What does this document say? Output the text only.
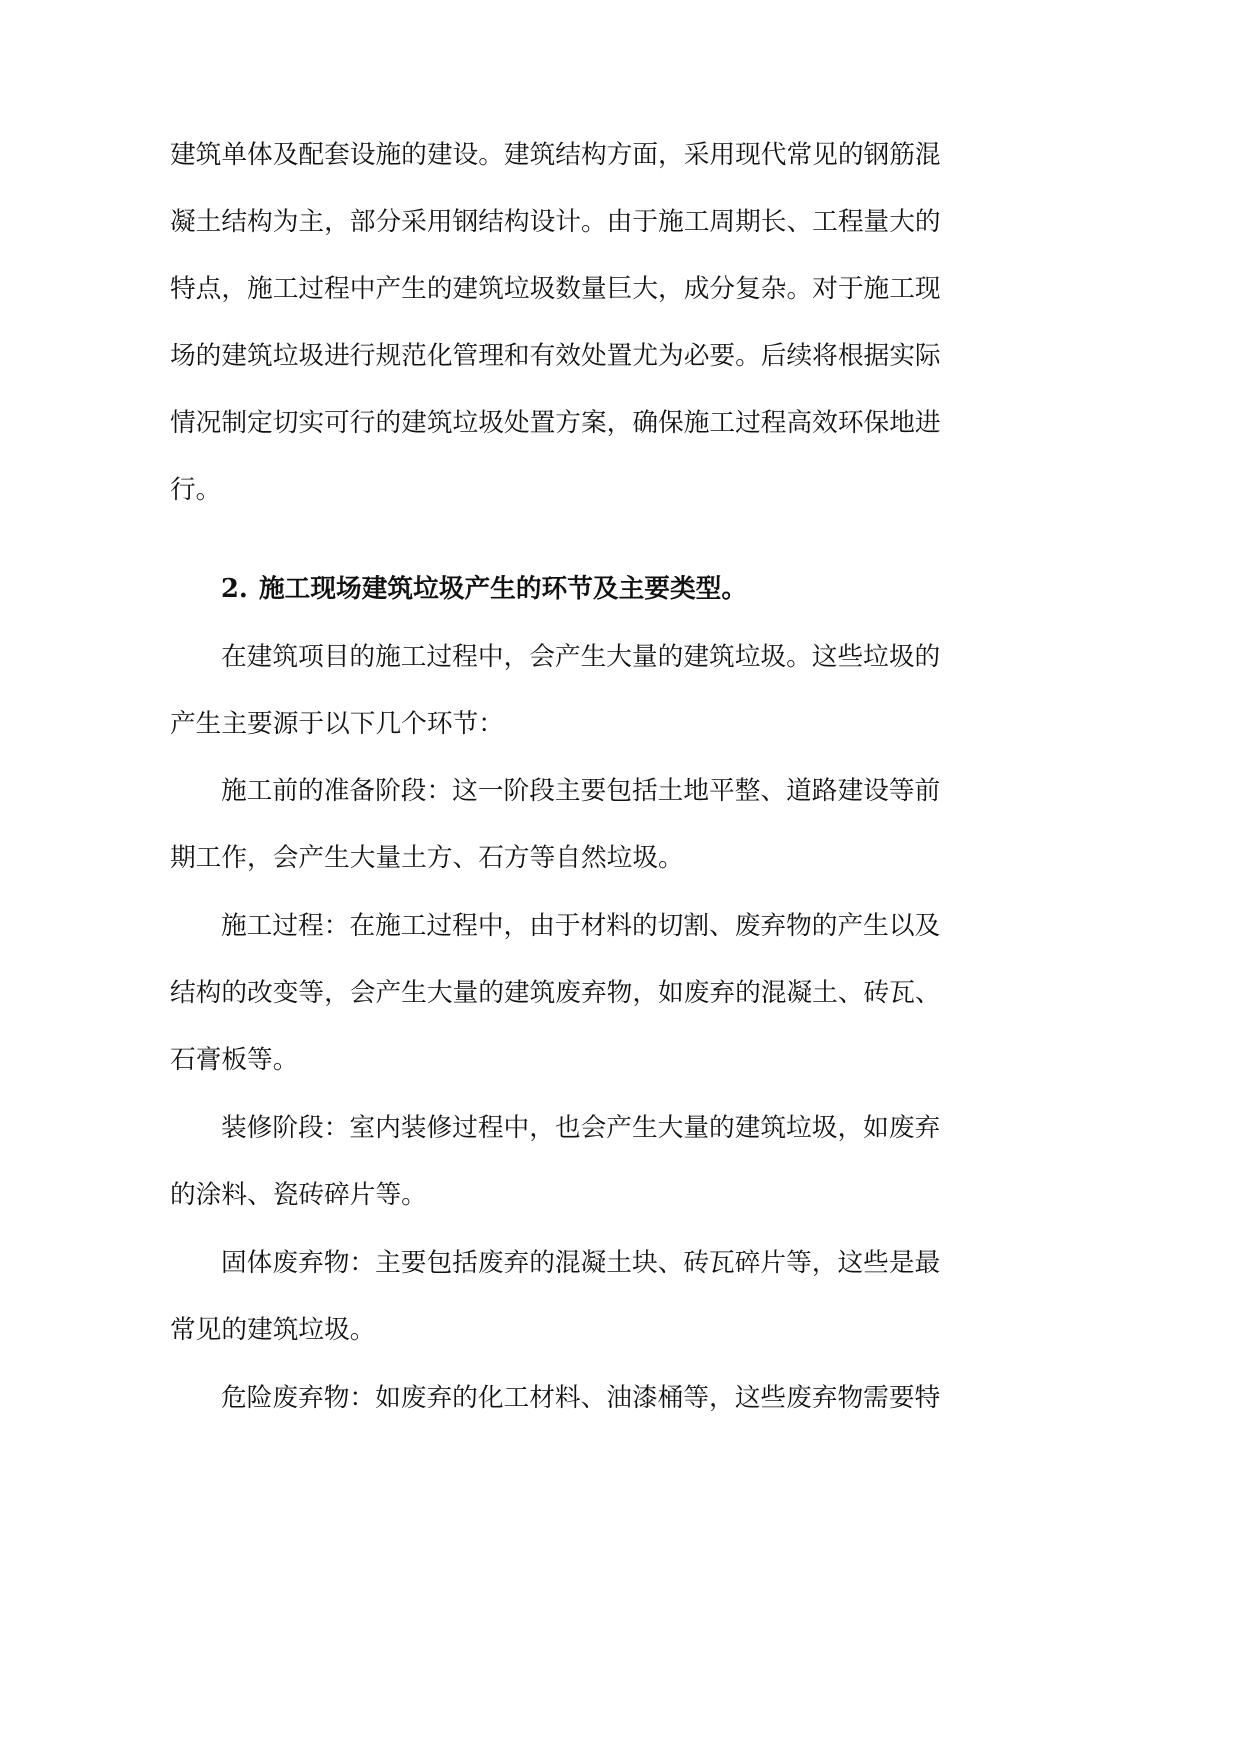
建筑单体及配套设施的建设。建筑结构方面，采用现代常见的钢筋混
凝土结构为主，部分采用钢结构设计。由于施工周期长、工程量大的
特点，施工过程中产生的建筑垃圾数量巨大，成分复杂。对于施工现
场的建筑垃圾进行规范化管理和有效处置尤为必要。后续将根据实际
情况制定切实可行的建筑垃圾处置方案，确保施工过程高效环保地进
行。
2. 施工现场建筑垃圾产生的环节及主要类型。
在建筑项目的施工过程中，会产生大量的建筑垃圾。这些垃圾的
产生主要源于以下几个环节：
施工前的准备阶段：这一阶段主要包括土地平整、道路建设等前
期工作，会产生大量土方、石方等自然垃圾。
施工过程：在施工过程中，由于材料的切割、废弃物的产生以及
结构的改变等，会产生大量的建筑废弃物，如废弃的混凝土、砖瓦、
石膏板等。
装修阶段：室内装修过程中，也会产生大量的建筑垃圾，如废弃
的涂料、瓷砖碎片等。
固体废弃物：主要包括废弃的混凝土块、砖瓦碎片等，这些是最
常见的建筑垃圾。
危险废弃物：如废弃的化工材料、油漆桶等，这些废弃物需要特
